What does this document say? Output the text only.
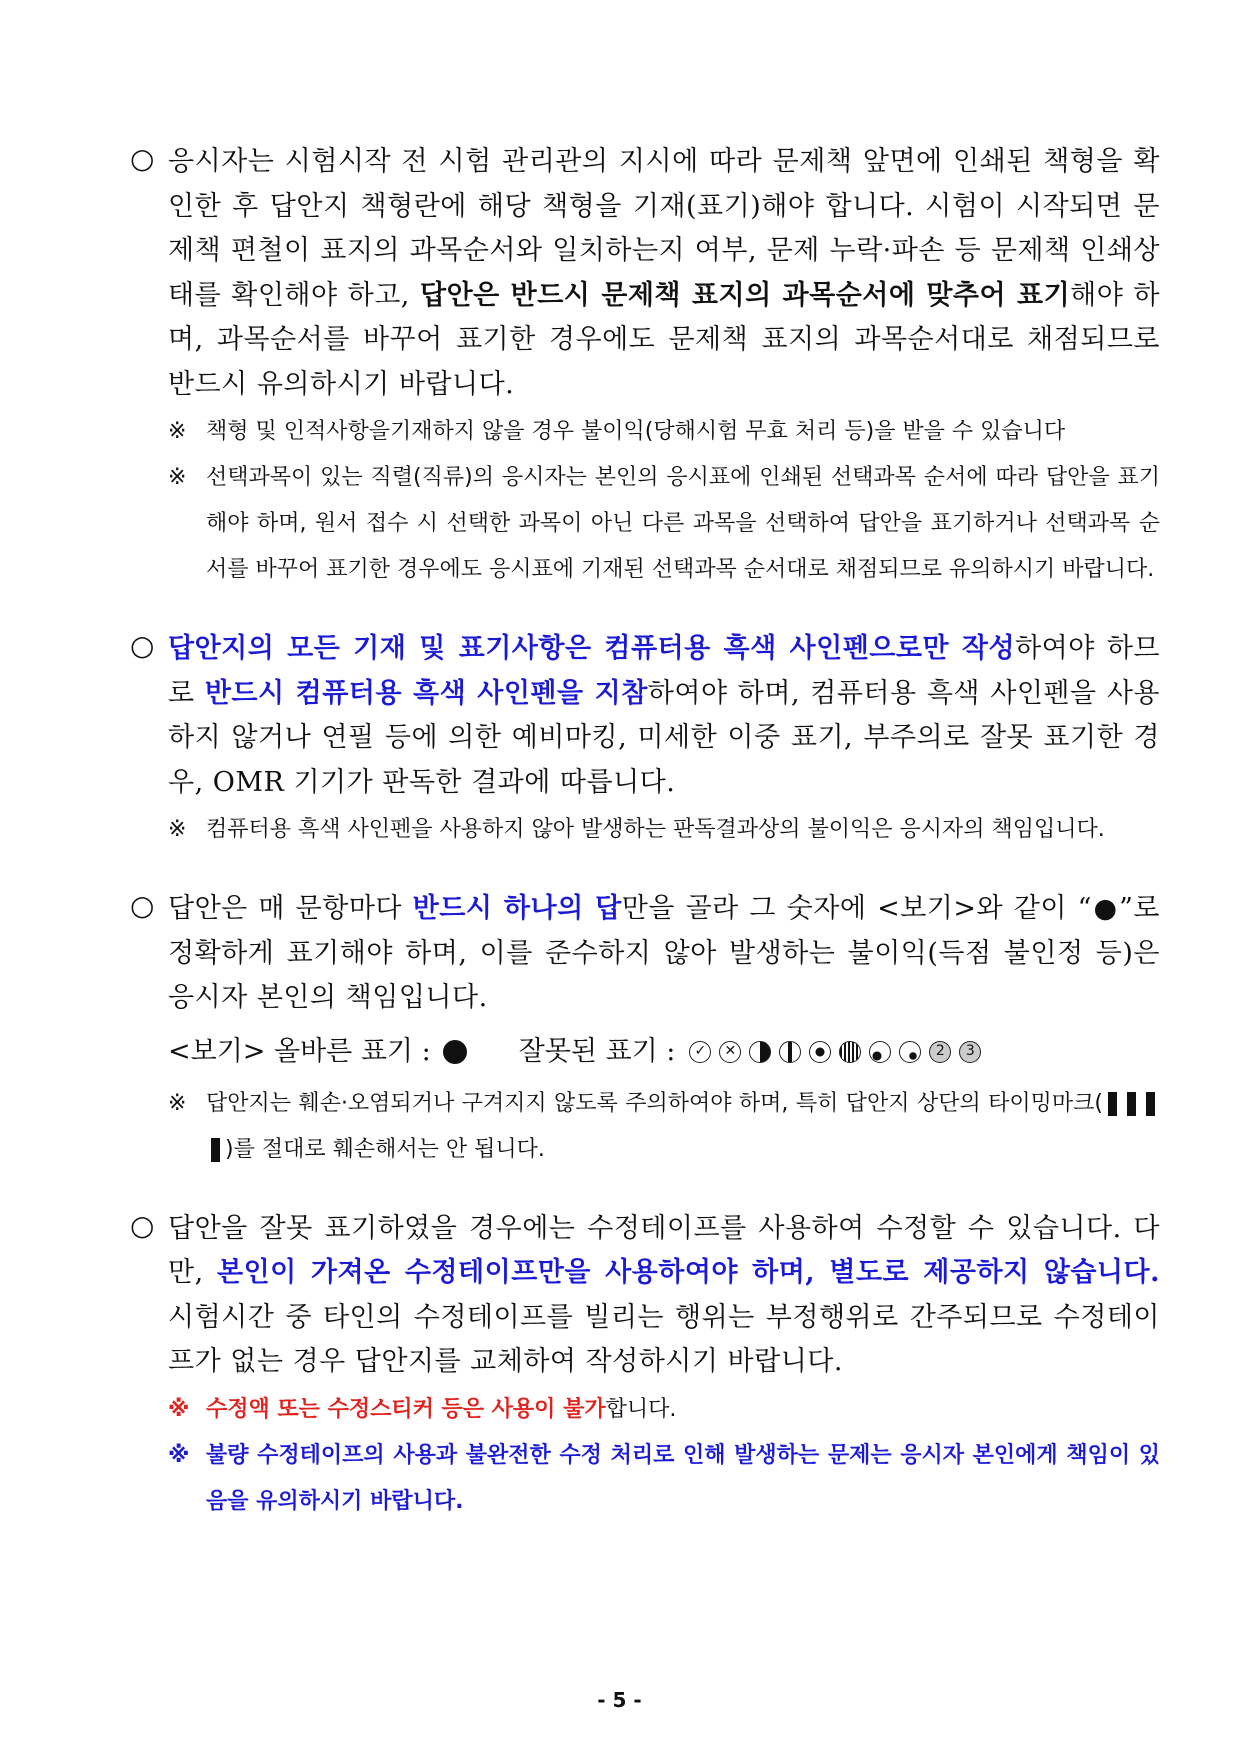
○ 응시자는 시험시작 전 시험 관리관의 지시에 따라 문제책 앞면에 인쇄된 책형을 확인한 후 답안지 책형란에 해당 책형을 기재(표기)해야 합니다. 시험이 시작되면 문제책 편철이 표지의 과목순서와 일치하는지 여부, 문제 누락·파손 등 문제책 인쇄상태를 확인해야 하고, 답안은 반드시 문제책 표지의 과목순서에 맞추어 표기해야 하며, 과목순서를 바꾸어 표기한 경우에도 문제책 표지의 과목순서대로 채점되므로 반드시 유의하시기 바랍니다.

※ 책형 및 인적사항을기재하지 않을 경우 불이익(당해시험 무효 처리 등)을 받을 수 있습니다

※ 선택과목이 있는 직렬(직류)의 응시자는 본인의 응시표에 인쇄된 선택과목 순서에 따라 답안을 표기해야 하며, 원서 접수 시 선택한 과목이 아닌 다른 과목을 선택하여 답안을 표기하거나 선택과목 순서를 바꾸어 표기한 경우에도 응시표에 기재된 선택과목 순서대로 채점되므로 유의하시기 바랍니다.

○ 답안지의 모든 기재 및 표기사항은 컴퓨터용 흑색 사인펜으로만 작성하여야 하므로 반드시 컴퓨터용 흑색 사인펜을 지참하여야 하며, 컴퓨터용 흑색 사인펜을 사용하지 않거나 연필 등에 의한 예비마킹, 미세한 이중 표기, 부주의로 잘못 표기한 경우, OMR 기기가 판독한 결과에 따릅니다.

※ 컴퓨터용 흑색 사인펜을 사용하지 않아 발생하는 판독결과상의 불이익은 응시자의 책임입니다.

○ 답안은 매 문항마다 반드시 하나의 답만을 골라 그 숫자에 <보기>와 같이 “●”로 정확하게 표기해야 하며, 이를 준수하지 않아 발생하는 불이익(득점 불인정 등)은 응시자 본인의 책임입니다.

<보기> 올바른 표기 :	잘못된 표기 :	✓	✕	2	3

※ 답안지는 훼손·오염되거나 구겨지지 않도록 주의하여야 하며, 특히 답안지 상단의 타이밍마크()를 절대로 훼손해서는 안 됩니다.

○ 답안을 잘못 표기하였을 경우에는 수정테이프를 사용하여 수정할 수 있습니다. 다만, 본인이 가져온 수정테이프만을 사용하여야 하며, 별도로 제공하지 않습니다. 시험시간 중 타인의 수정테이프를 빌리는 행위는 부정행위로 간주되므로 수정테이프가 없는 경우 답안지를 교체하여 작성하시기 바랍니다.

※ 수정액 또는 수정스티커 등은 사용이 불가합니다.

※ 불량 수정테이프의 사용과 불완전한 수정 처리로 인해 발생하는 문제는 응시자 본인에게 책임이 있음을 유의하시기 바랍니다.

- 5 -
